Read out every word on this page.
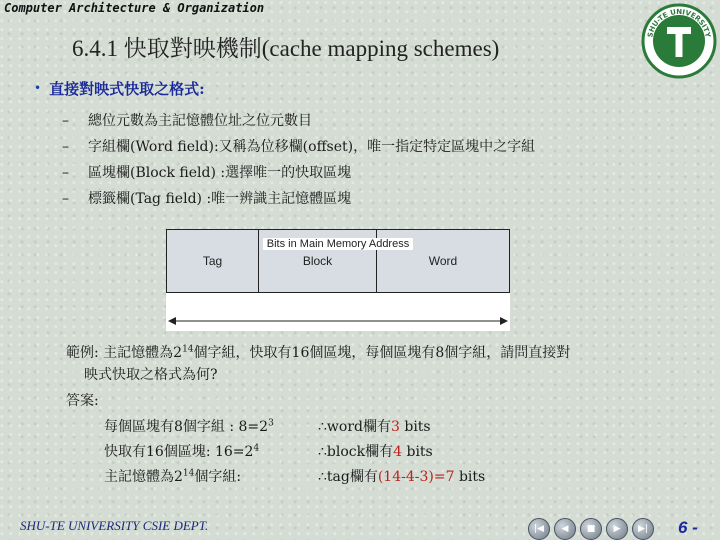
Computer Architecture & Organization
SHU-TE UNIVERSITY
6.4.1 快取對映機制(cache mapping schemes)
• 直接對映式快取之格式:
– 總位元數為主記憶體位址之位元數目
– 字組欄(Word field):又稱為位移欄(offset)，唯一指定特定區塊中之字組
– 區塊欄(Block field) :選擇唯一的快取區塊
– 標籤欄(Tag field) :唯一辨識主記憶體區塊
Tag	Block	Word
Bits in Main Memory Address
範例: 主記憶體為$2^{14}$個字組，快取有16個區塊，每個區塊有8個字組，請問直接對
映式快取之格式為何?
答案:
每個區塊有8個字組 : $8=2^3$	∴word欄有3 bits
快取有16個區塊: $16=2^4$	∴block欄有4 bits
主記憶體為$2^{14}$個字組:	∴tag欄有(14-4-3)=7 bits
SHU-TE UNIVERSITY CSIE DEPT.	|◀	◀	■	▶	▶|	6 -
